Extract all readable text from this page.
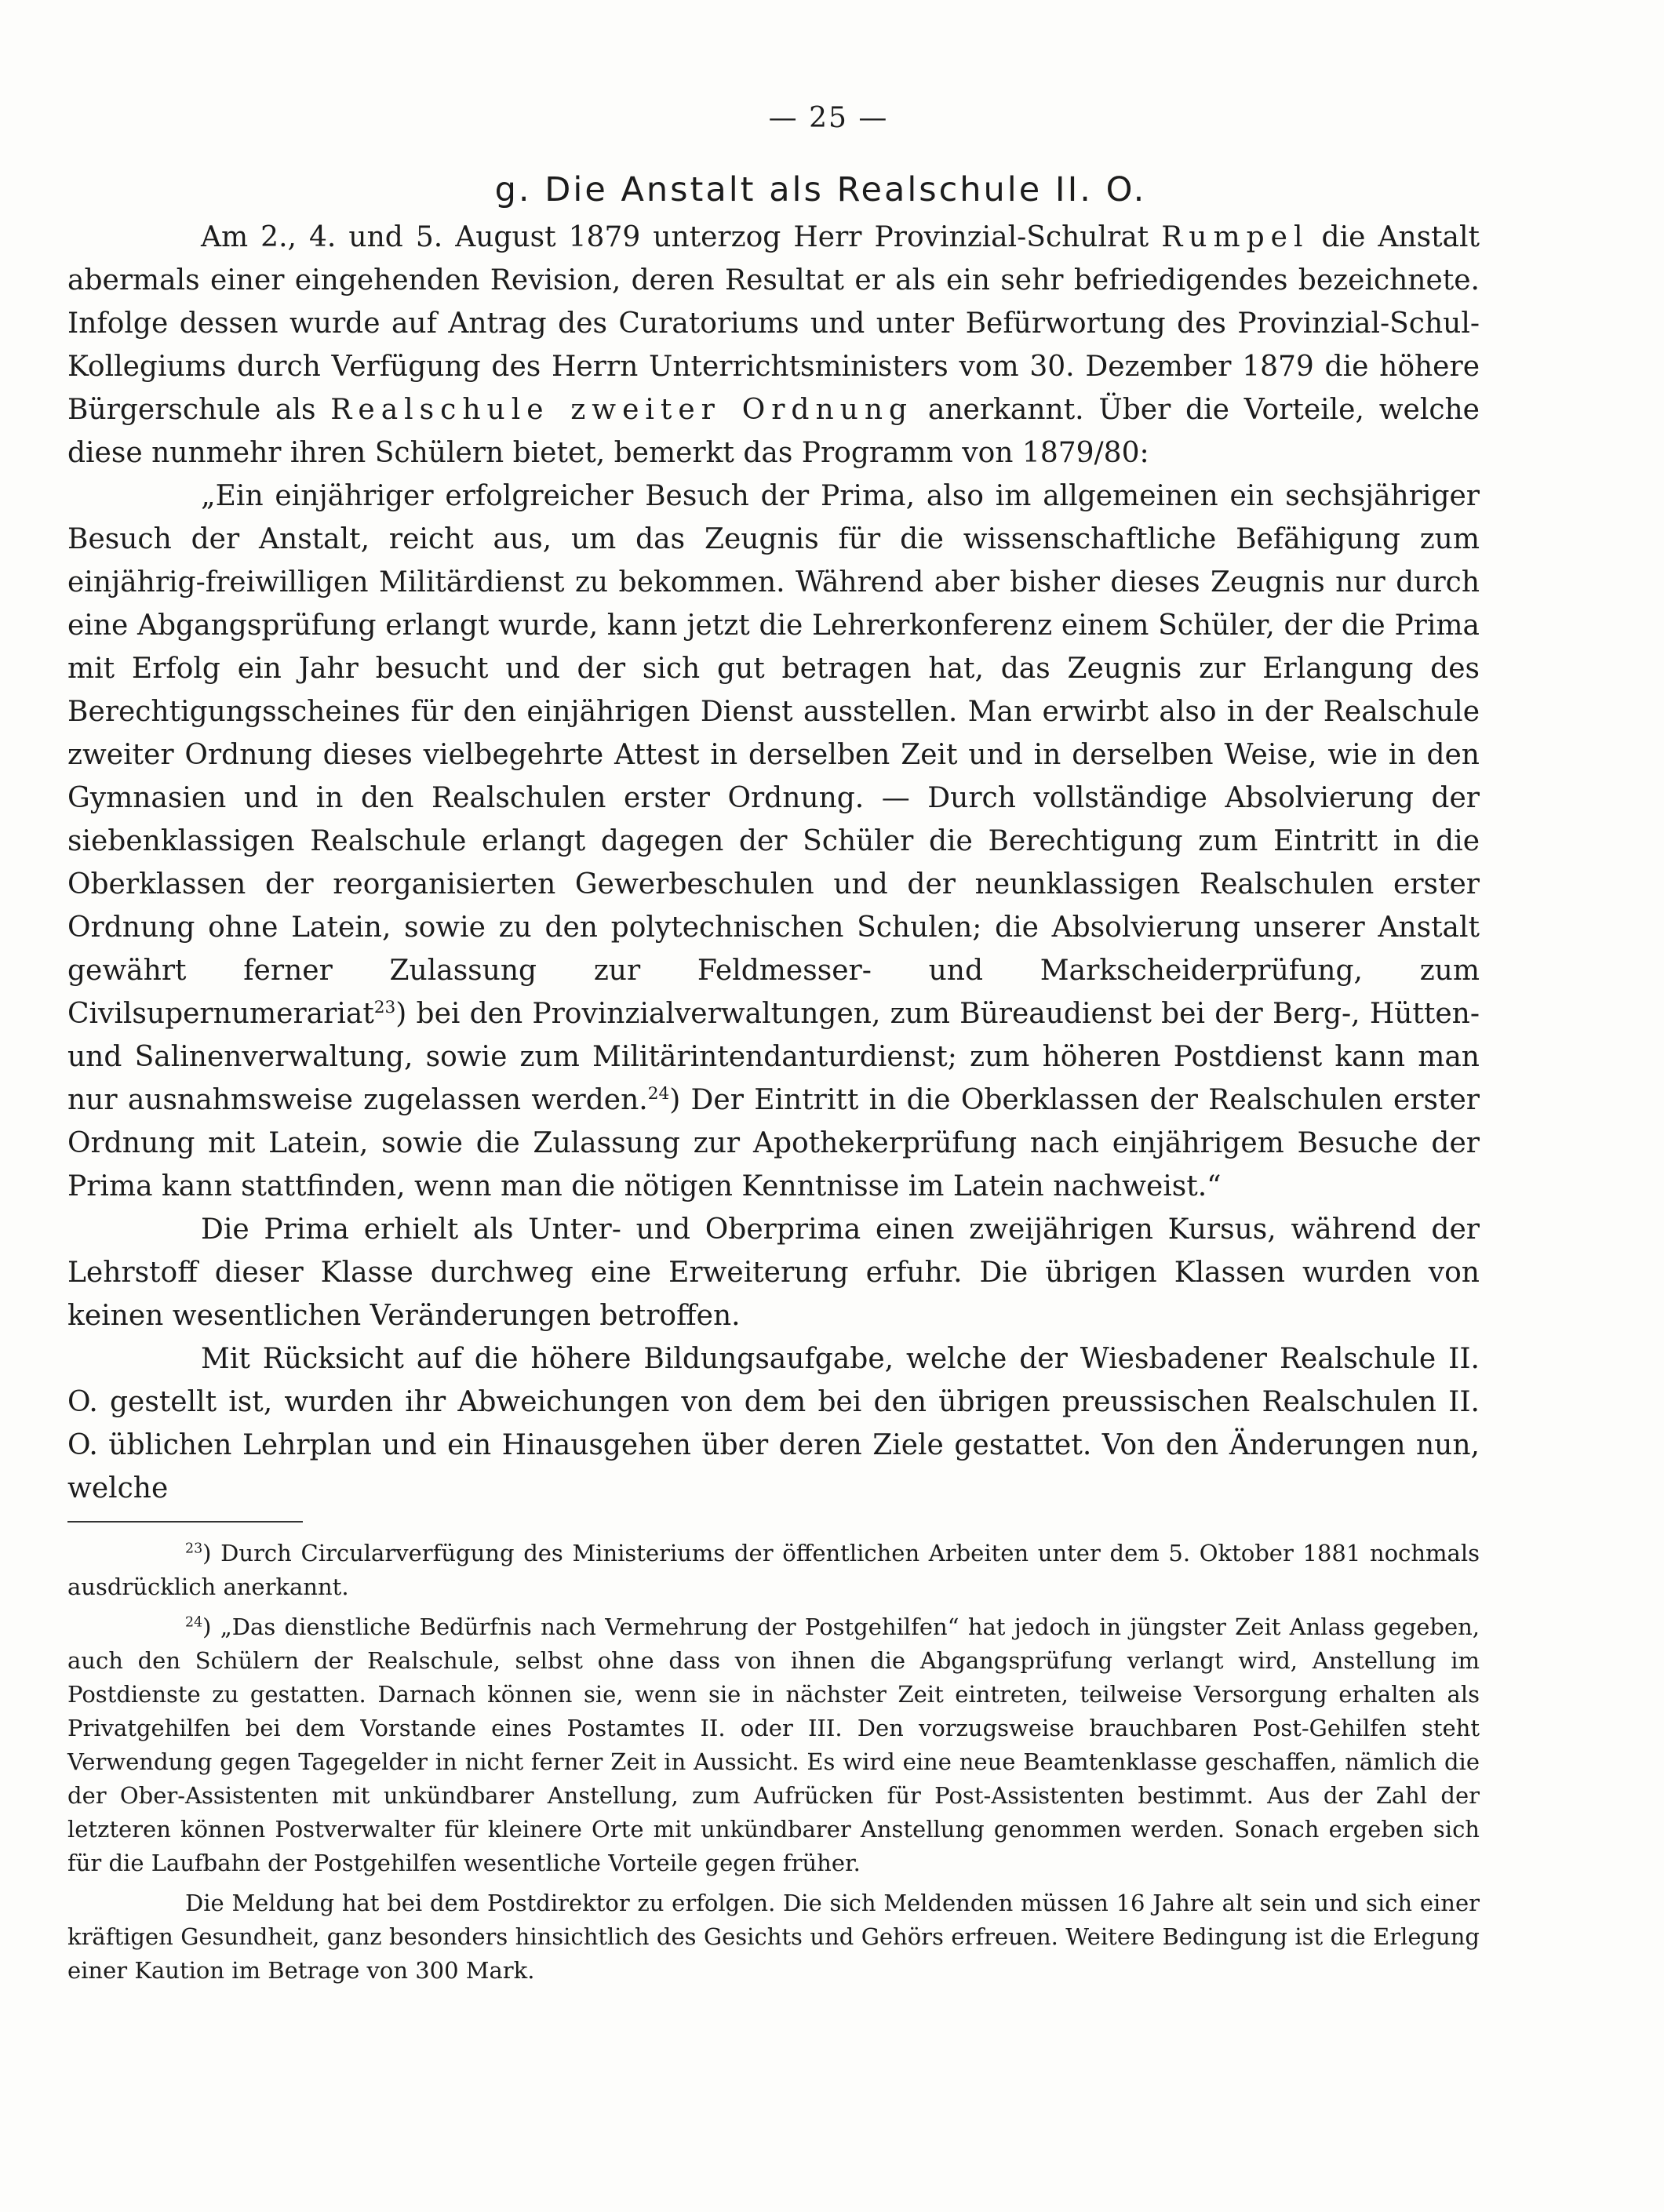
— 25 —
g. Die Anstalt als Realschule II. O.

Am 2., 4. und 5. August 1879 unterzog Herr Provinzial-Schulrat Rumpel die Anstalt abermals einer eingehenden Revision, deren Resultat er als ein sehr befriedigendes bezeichnete. Infolge dessen wurde auf Antrag des Curatoriums und unter Befürwortung des Provinzial-Schul-Kollegiums durch Verfügung des Herrn Unterrichtsministers vom 30. Dezember 1879 die höhere Bürgerschule als Realschule zweiter Ordnung anerkannt. Über die Vorteile, welche diese nunmehr ihren Schülern bietet, bemerkt das Programm von 1879/80:

„Ein einjähriger erfolgreicher Besuch der Prima, also im allgemeinen ein sechsjähriger Besuch der Anstalt, reicht aus, um das Zeugnis für die wissenschaftliche Befähigung zum einjährig-freiwilligen Militärdienst zu bekommen. Während aber bisher dieses Zeugnis nur durch eine Abgangsprüfung erlangt wurde, kann jetzt die Lehrerkonferenz einem Schüler, der die Prima mit Erfolg ein Jahr besucht und der sich gut betragen hat, das Zeugnis zur Erlangung des Berechtigungsscheines für den einjährigen Dienst ausstellen. Man erwirbt also in der Realschule zweiter Ordnung dieses vielbegehrte Attest in derselben Zeit und in derselben Weise, wie in den Gymnasien und in den Realschulen erster Ordnung. — Durch vollständige Absolvierung der siebenklassigen Realschule erlangt dagegen der Schüler die Berechtigung zum Eintritt in die Oberklassen der reorganisierten Gewerbeschulen und der neunklassigen Realschulen erster Ordnung ohne Latein, sowie zu den polytechnischen Schulen; die Absolvierung unserer Anstalt gewährt ferner Zulassung zur Feldmesser- und Markscheiderprüfung, zum Civilsupernumerariat$^{23}$) bei den Provinzialverwaltungen, zum Büreaudienst bei der Berg-, Hütten- und Salinenverwaltung, sowie zum Militärintendanturdienst; zum höheren Postdienst kann man nur ausnahmsweise zugelassen werden.$^{24}$) Der Eintritt in die Oberklassen der Realschulen erster Ordnung mit Latein, sowie die Zulassung zur Apothekerprüfung nach einjährigem Besuche der Prima kann stattfinden, wenn man die nötigen Kenntnisse im Latein nachweist.“

Die Prima erhielt als Unter- und Oberprima einen zweijährigen Kursus, während der Lehrstoff dieser Klasse durchweg eine Erweiterung erfuhr. Die übrigen Klassen wurden von keinen wesentlichen Veränderungen betroffen.

Mit Rücksicht auf die höhere Bildungsaufgabe, welche der Wiesbadener Realschule II. O. gestellt ist, wurden ihr Abweichungen von dem bei den übrigen preussischen Realschulen II. O. üblichen Lehrplan und ein Hinausgehen über deren Ziele gestattet. Von den Änderungen nun, welche

$^{23}$) Durch Circularverfügung des Ministeriums der öffentlichen Arbeiten unter dem 5. Oktober 1881 nochmals ausdrücklich anerkannt.

$^{24}$) „Das dienstliche Bedürfnis nach Vermehrung der Postgehilfen“ hat jedoch in jüngster Zeit Anlass gegeben, auch den Schülern der Realschule, selbst ohne dass von ihnen die Abgangsprüfung verlangt wird, Anstellung im Postdienste zu gestatten. Darnach können sie, wenn sie in nächster Zeit eintreten, teilweise Versorgung erhalten als Privatgehilfen bei dem Vorstande eines Postamtes II. oder III. Den vorzugsweise brauchbaren Post-Gehilfen steht Verwendung gegen Tagegelder in nicht ferner Zeit in Aussicht. Es wird eine neue Beamtenklasse geschaffen, nämlich die der Ober-Assistenten mit unkündbarer Anstellung, zum Aufrücken für Post-Assistenten bestimmt. Aus der Zahl der letzteren können Postverwalter für kleinere Orte mit unkündbarer Anstellung genommen werden. Sonach ergeben sich für die Laufbahn der Postgehilfen wesentliche Vorteile gegen früher.

Die Meldung hat bei dem Postdirektor zu erfolgen. Die sich Meldenden müssen 16 Jahre alt sein und sich einer kräftigen Gesundheit, ganz besonders hinsichtlich des Gesichts und Gehörs erfreuen. Weitere Bedingung ist die Erlegung einer Kaution im Betrage von 300 Mark.
